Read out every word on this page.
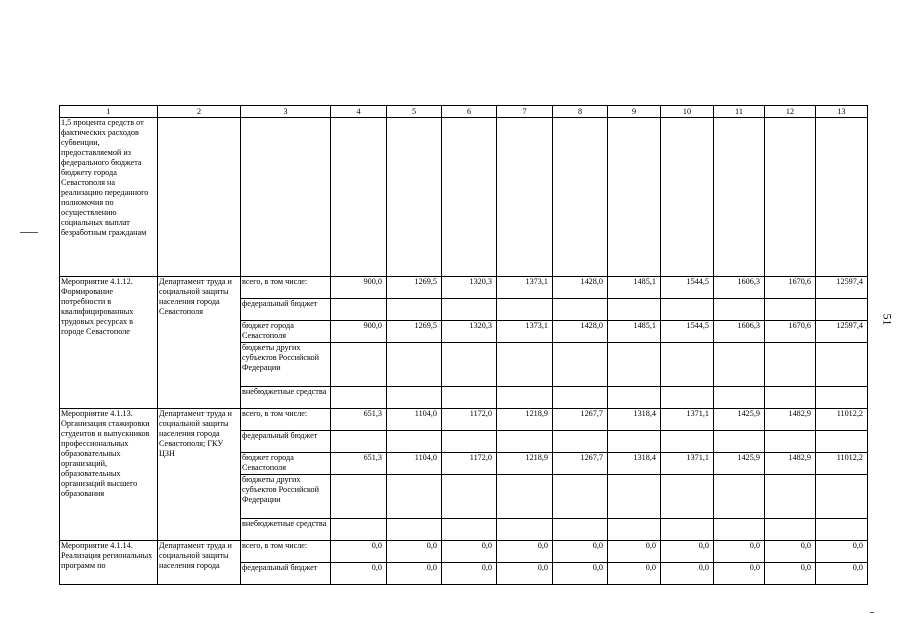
1	2	3	4	5	6	7	8	9	10	11	12	13
1,5 процента средств от фактических расходов субвенции, предоставляемой из федерального бюджета бюджету города Севастополя на реализацию переданного полномочия по осуществлению социальных выплат безработным гражданам												
Мероприятие 4.1.12. Формирование потребности в квалифицированных трудовых ресурсах в городе Севастополе	Департамент труда и социальной защиты населения города Севастополя	всего, в том числе:	900,0	1269,5	1320,3	1373,1	1428,0	1485,1	1544,5	1606,3	1670,6	12597,4
		федеральный бюджет										
		бюджет города Севастополя	900,0	1269,5	1320,3	1373,1	1428,0	1485,1	1544,5	1606,3	1670,6	12597,4
		бюджеты других субъектов Российской Федерации										
		внебюджетные средства										
Мероприятие 4.1.13. Организация стажировки студентов и выпускников профессиональных образовательных организаций, образовательных организаций высшего образования	Департамент труда и социальной защиты населения города Севастополя; ГКУ ЦЗН	всего, в том числе:	651,3	1104,0	1172,0	1218,9	1267,7	1318,4	1371,1	1425,9	1482,9	11012,2
		федеральный бюджет										
		бюджет города Севастополя	651,3	1104,0	1172,0	1218,9	1267,7	1318,4	1371,1	1425,9	1482,9	11012,2
		бюджеты других субъектов Российской Федерации										
		внебюджетные средства										
Мероприятие 4.1.14. Реализация региональных программ по	Департамент труда и социальной защиты населения города	всего, в том числе:	0,0	0,0	0,0	0,0	0,0	0,0	0,0	0,0	0,0	0,0
		федеральный бюджет	0,0	0,0	0,0	0,0	0,0	0,0	0,0	0,0	0,0	0,0
51
